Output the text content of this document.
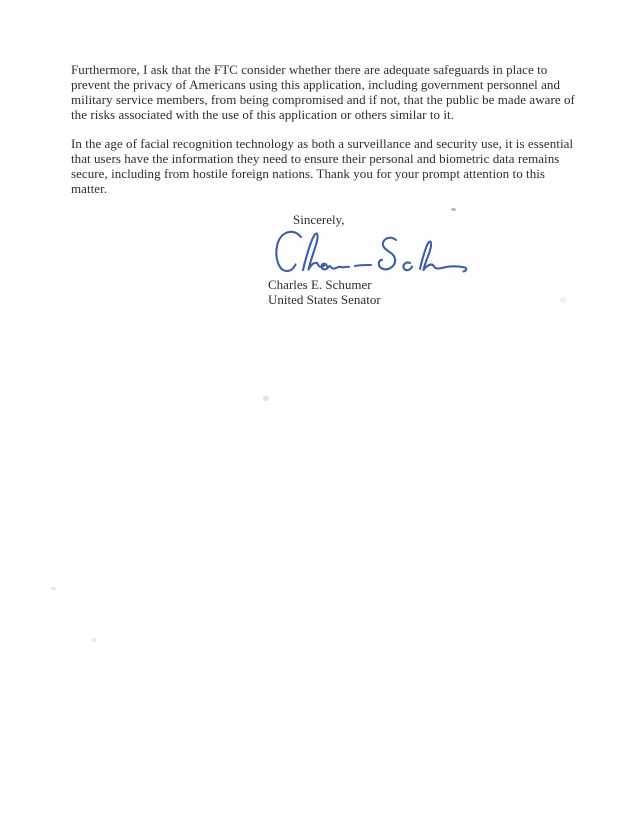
Furthermore, I ask that the FTC consider whether there are adequate safeguards in place to
prevent the privacy of Americans using this application, including government personnel and
military service members, from being compromised and if not, that the public be made aware of
the risks associated with the use of this application or others similar to it.
In the age of facial recognition technology as both a surveillance and security use, it is essential
that users have the information they need to ensure their personal and biometric data remains
secure, including from hostile foreign nations. Thank you for your prompt attention to this
matter.
Sincerely,
Charles E. Schumer
United States Senator
